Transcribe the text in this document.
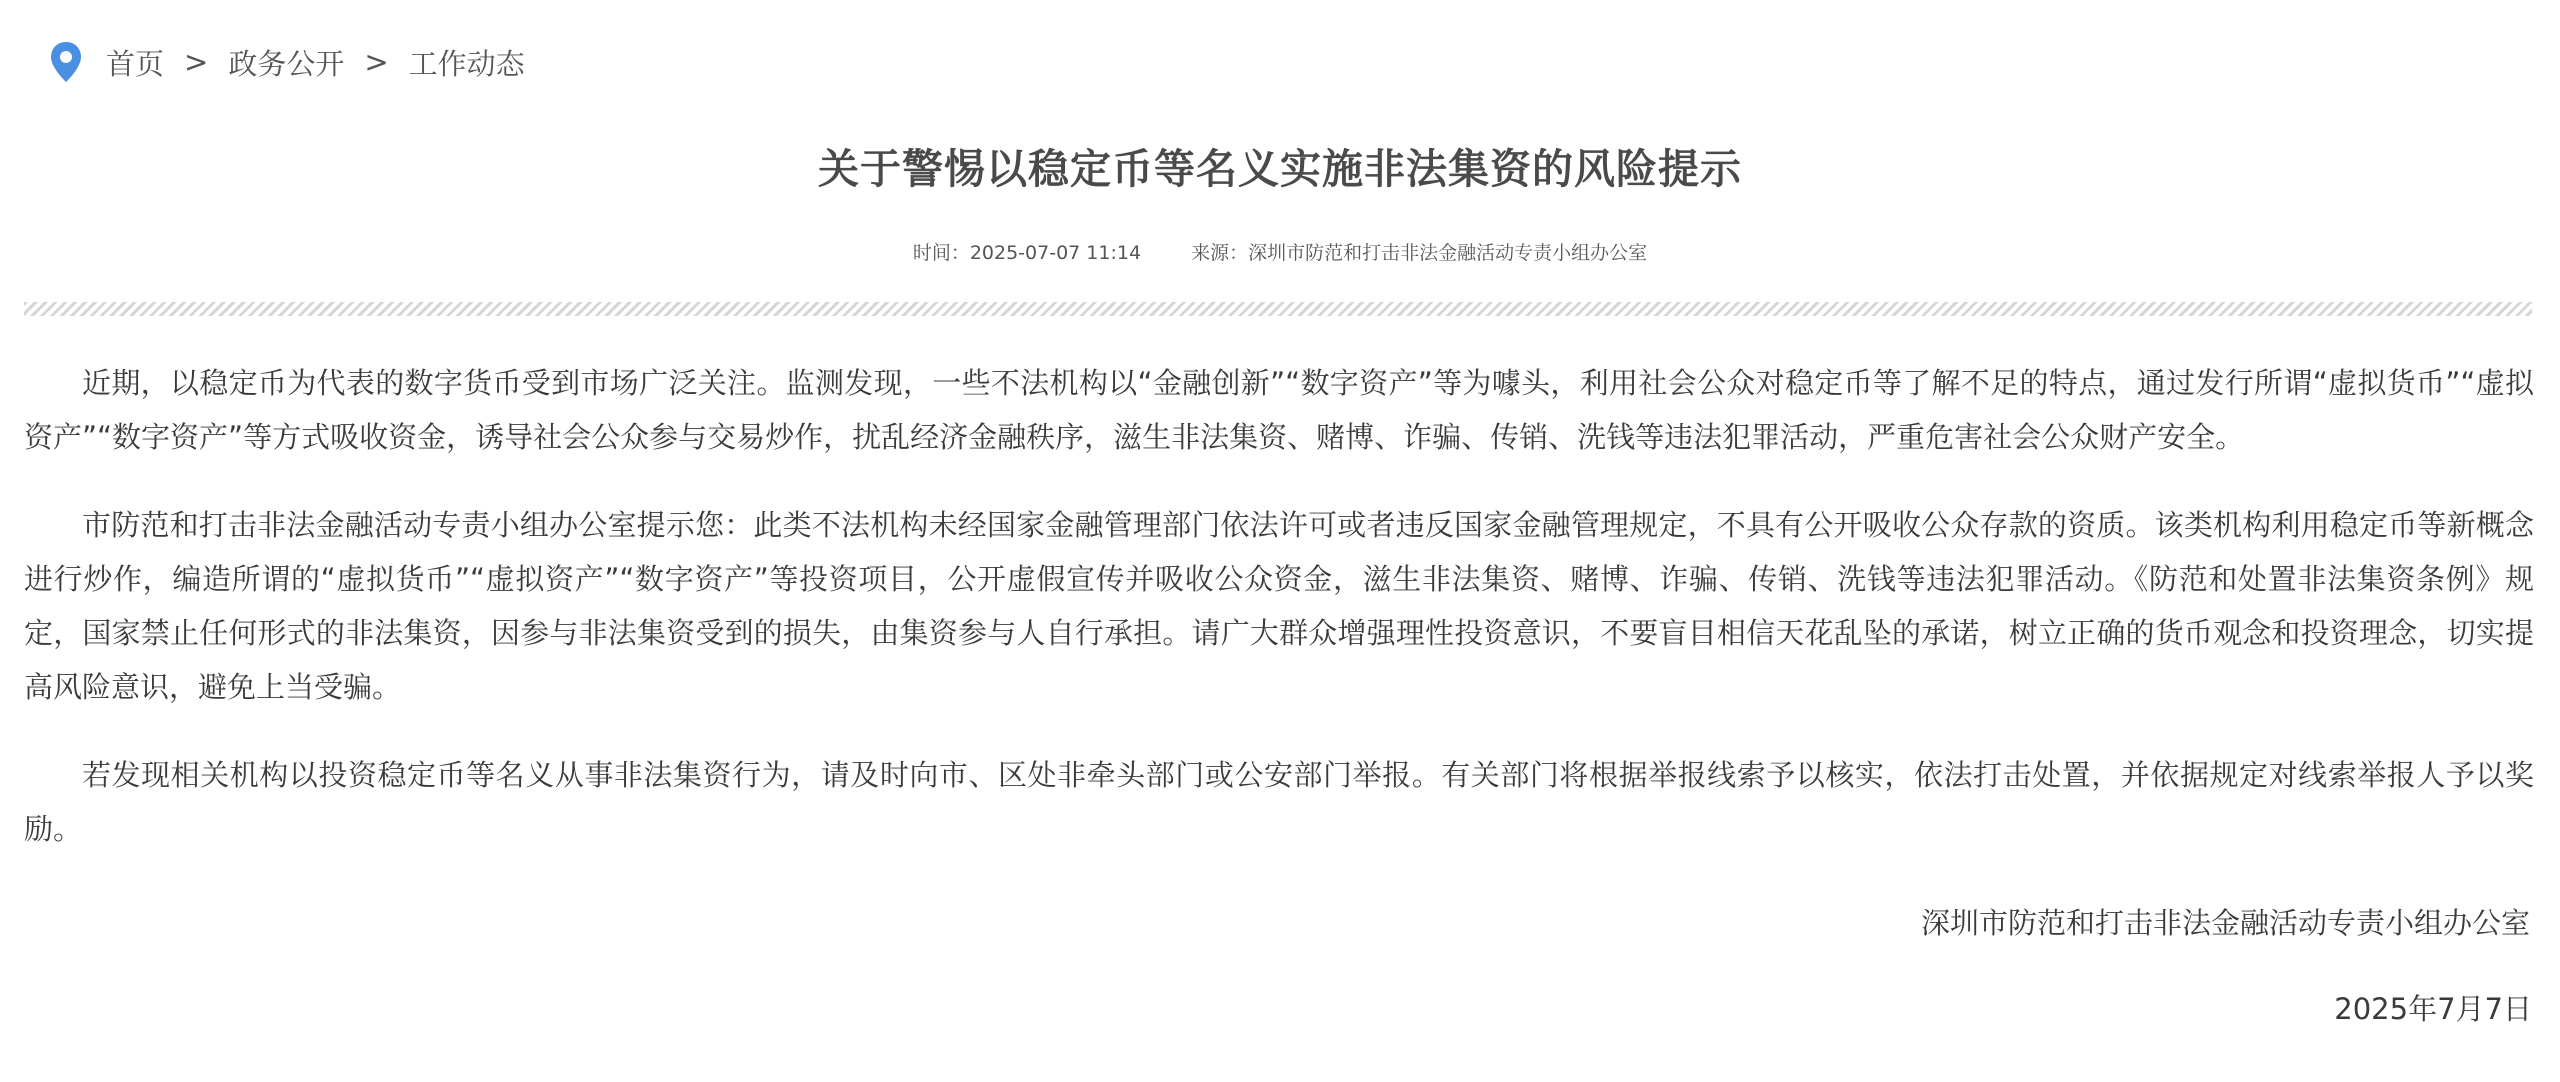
首页 > 政务公开 > 工作动态
关于警惕以稳定币等名义实施非法集资的风险提示
时间：2025-07-07 11:14	来源：深圳市防范和打击非法金融活动专责小组办公室

近期，以稳定币为代表的数字货币受到市场广泛关注。监测发现，一些不法机构以“金融创新”“数字资产”等为噱头，利用社会公众对稳定币等了解不足的特点，通过发行所谓“虚拟货币”“虚拟资产”“数字资产”等方式吸收资金，诱导社会公众参与交易炒作，扰乱经济金融秩序，滋生非法集资、赌博、诈骗、传销、洗钱等违法犯罪活动，严重危害社会公众财产安全。

市防范和打击非法金融活动专责小组办公室提示您：此类不法机构未经国家金融管理部门依法许可或者违反国家金融管理规定，不具有公开吸收公众存款的资质。该类机构利用稳定币等新概念进行炒作，编造所谓的“虚拟货币”“虚拟资产”“数字资产”等投资项目，公开虚假宣传并吸收公众资金，滋生非法集资、赌博、诈骗、传销、洗钱等违法犯罪活动。《防范和处置非法集资条例》规定，国家禁止任何形式的非法集资，因参与非法集资受到的损失，由集资参与人自行承担。请广大群众增强理性投资意识，不要盲目相信天花乱坠的承诺，树立正确的货币观念和投资理念，切实提高风险意识，避免上当受骗。

若发现相关机构以投资稳定币等名义从事非法集资行为，请及时向市、区处非牵头部门或公安部门举报。有关部门将根据举报线索予以核实，依法打击处置，并依据规定对线索举报人予以奖励。

深圳市防范和打击非法金融活动专责小组办公室
2025年7月7日
